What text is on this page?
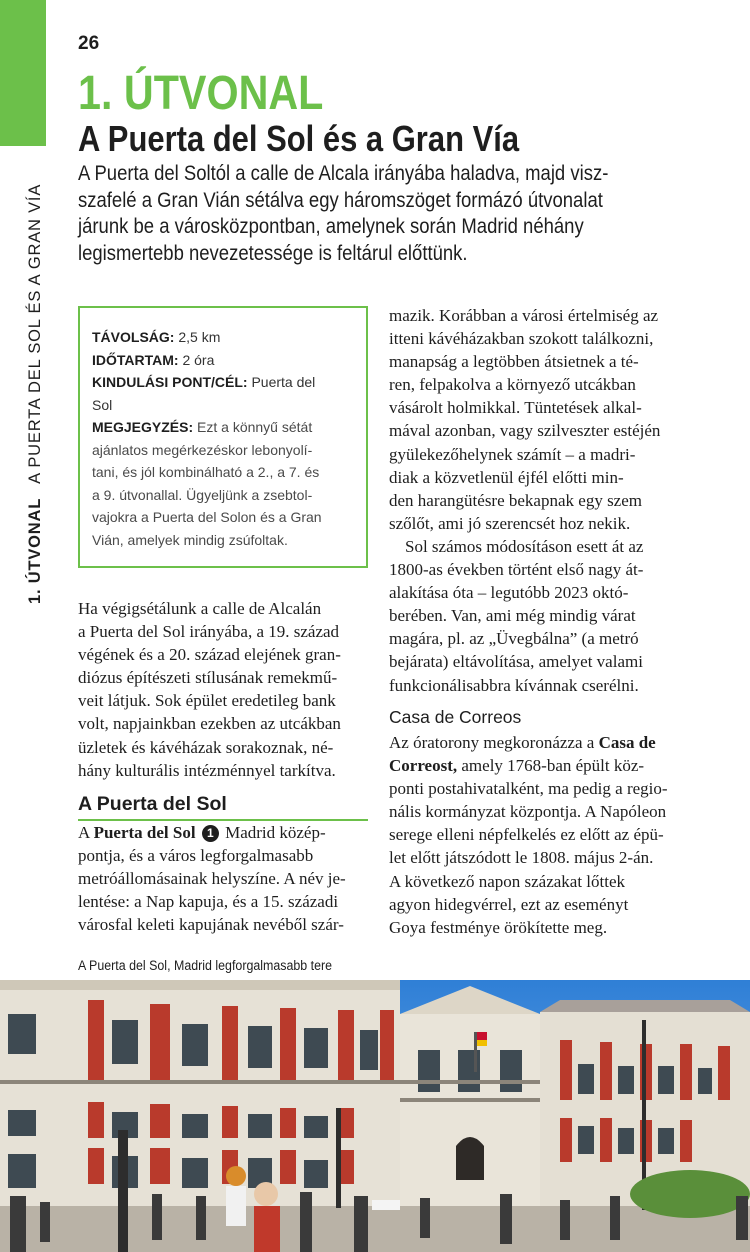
26
1. ÚTVONALA PUERTA DEL SOL ÉS A GRAN VÍA
1. ÚTVONAL
A Puerta del Sol és a Gran Vía
A Puerta del Soltól a calle de Alcala irányába haladva, majd visz-
szafelé a Gran Vián sétálva egy háromszöget formázó útvonalat
járunk be a városközpontban, amelynek során Madrid néhány
legismertebb nevezetessége is feltárul előttünk.
TÁVOLSÁG: 2,5 km
IDŐTARTAM: 2 óra
KINDULÁSI PONT/CÉL: Puerta del
Sol
MEGJEGYZÉS: Ezt a könnyű sétát
ajánlatos megérkezéskor lebonyolí-
tani, és jól kombinálható a 2., a 7. és
a 9. útvonallal. Ügyeljünk a zsebtol-
vajokra a Puerta del Solon és a Gran
Vián, amelyek mindig zsúfoltak.
Ha végigsétálunk a calle de Alcalán
a Puerta del Sol irányába, a 19. század
végének és a 20. század elejének gran-
diózus építészeti stílusának remekmű-
veit látjuk. Sok épület eredetileg bank
volt, napjainkban ezekben az utcákban
üzletek és kávéházak sorakoznak, né-
hány kulturális intézménnyel tarkítva.
A Puerta del Sol
A Puerta del Sol 1 Madrid közép-
pontja, és a város legforgalmasabb
metróállomásainak helyszíne. A név je-
lentése: a Nap kapuja, és a 15. századi
városfal keleti kapujának nevéből szár-
mazik. Korábban a városi értelmiség az
itteni kávéházakban szokott találkozni,
manapság a legtöbben átsietnek a té-
ren, felpakolva a környező utcákban
vásárolt holmikkal. Tüntetések alkal-
mával azonban, vagy szilveszter estéjén
gyülekezőhelynek számít – a madri-
diak a közvetlenül éjfél előtti min-
den harangütésre bekapnak egy szem
szőlőt, ami jó szerencsét hoz nekik.
Sol számos módosításon esett át az
1800-as években történt első nagy át-
alakítása óta – legutóbb 2023 októ-
berében. Van, ami még mindig várat
magára, pl. az „Üvegbálna” (a metró
bejárata) eltávolítása, amelyet valami
funkcionálisabbra kívánnak cserélni.
Casa de Correos
Az óratorony megkoronázza a Casa de
Correost, amely 1768-ban épült köz-
ponti postahivatalként, ma pedig a regio-
nális kormányzat központja. A Napóleon
serege elleni népfelkelés ez előtt az épü-
let előtt játszódott le 1808. május 2-án.
A következő napon százakat lőttek
agyon hidegvérrel, ezt az eseményt
Goya festménye örökítette meg.
A Puerta del Sol, Madrid legforgalmasabb tere
